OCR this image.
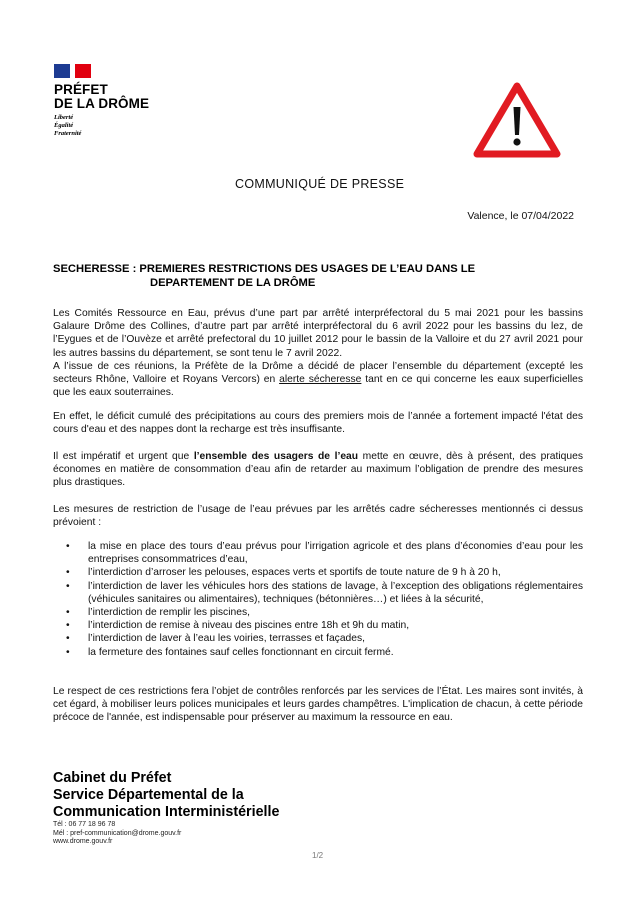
PRÉFET
DE LA DRÔME
Liberté
Égalité
Fraternité
COMMUNIQUÉ DE PRESSE
Valence, le 07/04/2022
SECHERESSE : PREMIERES RESTRICTIONS DES USAGES DE L’EAU DANS LE
DEPARTEMENT DE LA DRÔME

Les Comités Ressource en Eau, prévus d’une part par arrêté interpréfectoral du 5 mai 2021 pour les bassins Galaure Drôme des Collines, d’autre part par arrêté interpréfectoral du 6 avril 2022 pour les bassins du lez, de l’Eygues et de l’Ouvèze et arrêté prefectoral du 10 juillet 2012 pour le bassin de la Valloire et du 27 avril 2021 pour les autres bassins du département, se sont tenu le 7 avril 2022.

A l’issue de ces réunions, la Préfète de la Drôme a décidé de placer l’ensemble du département (excepté les secteurs Rhône, Valloire et Royans Vercors) en alerte sécheresse tant en ce qui concerne les eaux superficielles que les eaux souterraines.

En effet, le déficit cumulé des précipitations au cours des premiers mois de l’année a fortement impacté l'état des cours d'eau et des nappes dont la recharge est très insuffisante.

Il est impératif et urgent que l’ensemble des usagers de l’eau mette en œuvre, dès à présent, des pratiques économes en matière de consommation d’eau afin de retarder au maximum l’obligation de prendre des mesures plus drastiques.

Les mesures de restriction de l’usage de l’eau prévues par les arrêtés cadre sécheresses mentionnés ci dessus prévoient :

• la mise en place des tours d’eau prévus pour l’irrigation agricole et des plans d’économies d’eau pour les entreprises consommatrices d’eau,
• l’interdiction d’arroser les pelouses, espaces verts et sportifs de toute nature de 9 h à 20 h,
• l’interdiction de laver les véhicules hors des stations de lavage, à l’exception des obligations réglementaires (véhicules sanitaires ou alimentaires), techniques (bétonnières…) et liées à la sécurité,
• l’interdiction de remplir les piscines,
• l’interdiction de remise à niveau des piscines entre 18h et 9h du matin,
• l’interdiction de laver à l’eau les voiries, terrasses et façades,
• la fermeture des fontaines sauf celles fonctionnant en circuit fermé.

Le respect de ces restrictions fera l’objet de contrôles renforcés par les services de l’État. Les maires sont invités, à cet égard, à mobiliser leurs polices municipales et leurs gardes champêtres. L'implication de chacun, à cette période précoce de l'année, est indispensable pour préserver au maximum la ressource en eau.

Cabinet du Préfet
Service Départemental de la
Communication Interministérielle
Tél : 06 77 18 96 78
Mél : pref-communication@drome.gouv.fr
www.drome.gouv.fr
1/2
